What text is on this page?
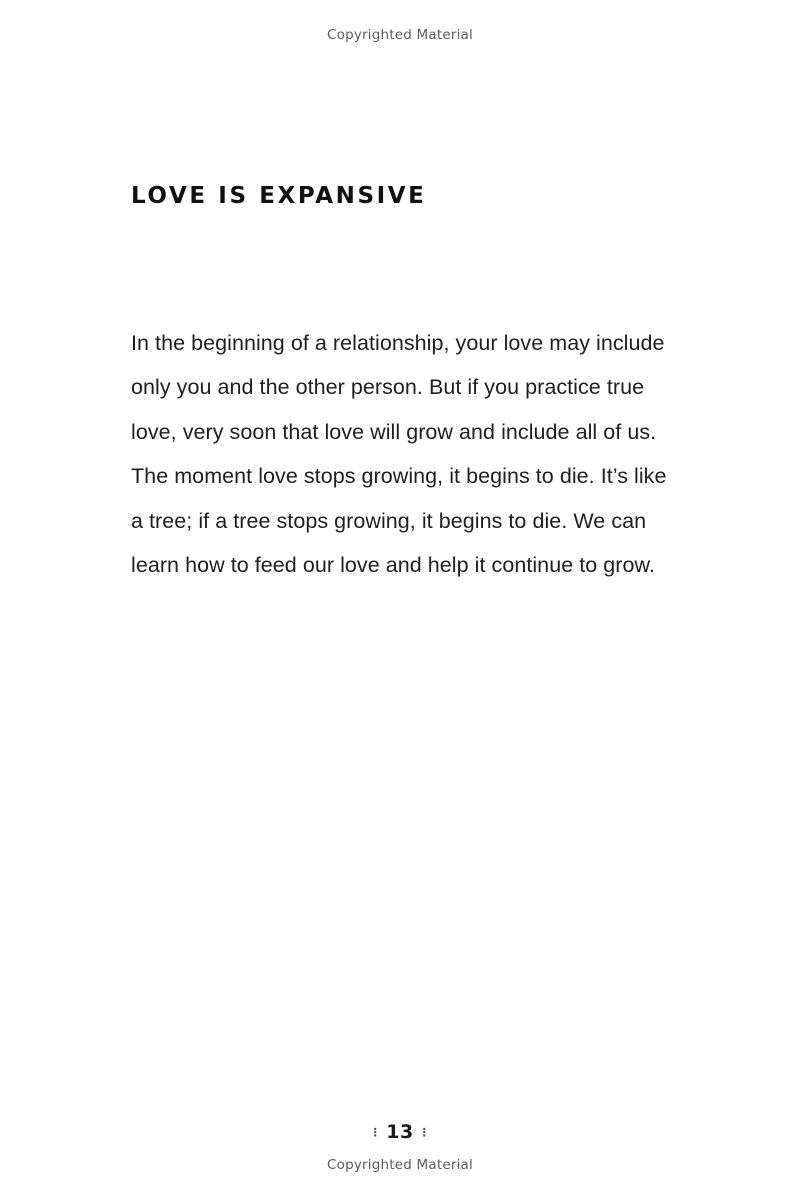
Copyrighted Material
LOVE IS EXPANSIVE

In the beginning of a relationship, your love may include only you and the other person. But if you practice true love, very soon that love will grow and include all of us. The moment love stops growing, it begins to die. It’s like a tree; if a tree stops growing, it begins to die. We can learn how to feed our love and help it continue to grow.

⋮ 13 ⋮
Copyrighted Material
